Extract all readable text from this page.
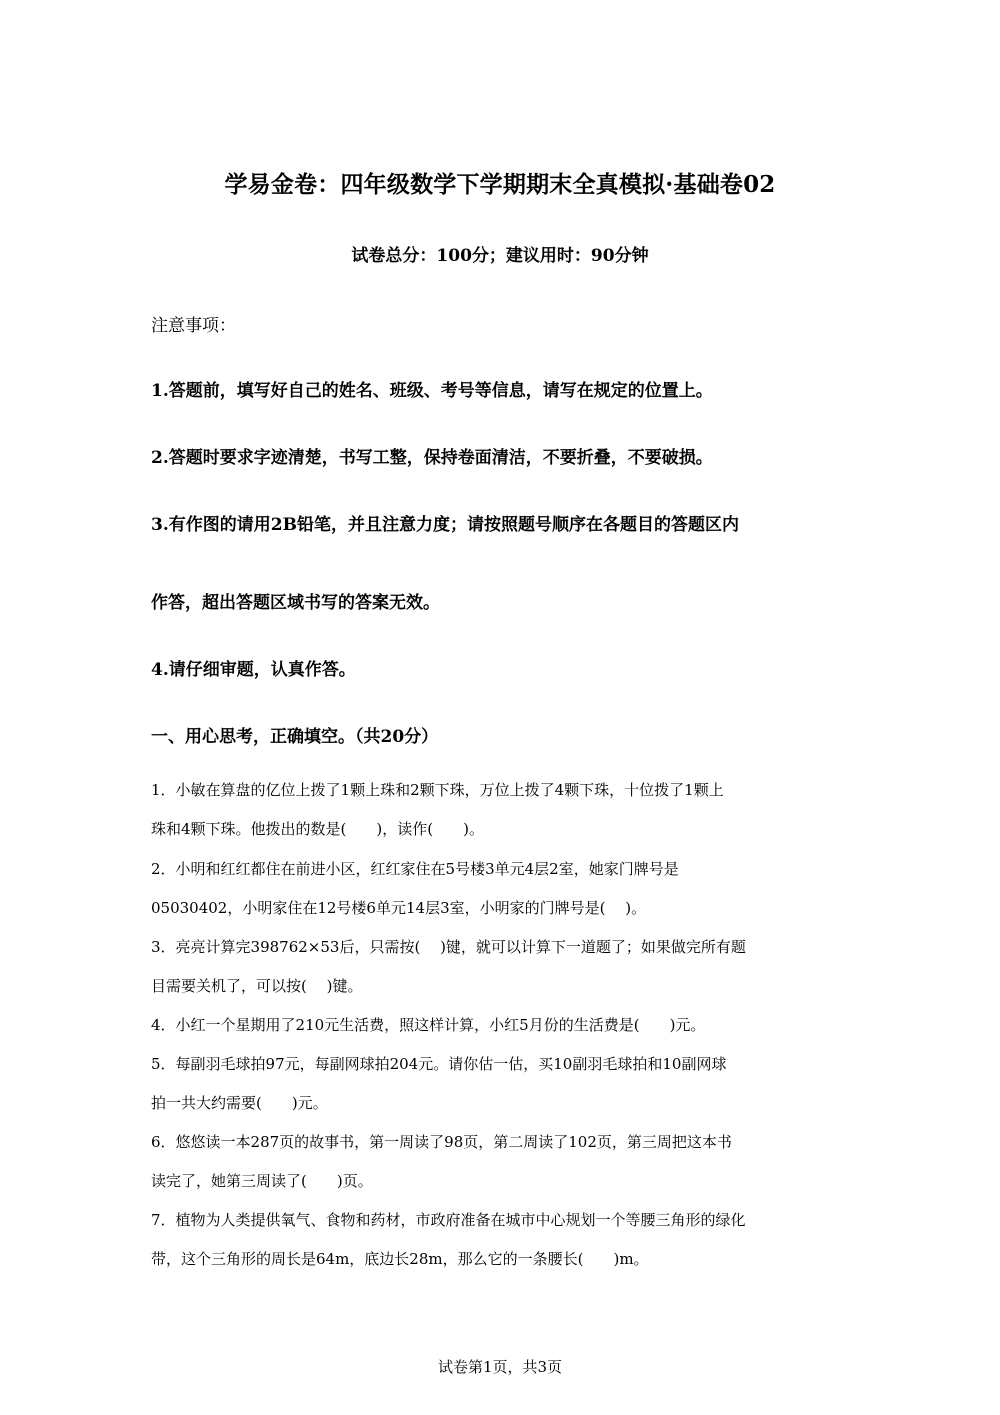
学易金卷：四年级数学下学期期末全真模拟·基础卷02
试卷总分：100分；建议用时：90分钟
注意事项：
1.答题前，填写好自己的姓名、班级、考号等信息，请写在规定的位置上。
2.答题时要求字迹清楚，书写工整，保持卷面清洁，不要折叠，不要破损。
3.有作图的请用2B铅笔，并且注意力度；请按照题号顺序在各题目的答题区内
作答，超出答题区域书写的答案无效。
4.请仔细审题，认真作答。
一、用心思考，正确填空。（共20分）
1．小敏在算盘的亿位上拨了1颗上珠和2颗下珠，万位上拨了4颗下珠，十位拨了1颗上
珠和4颗下珠。他拨出的数是(　　)，读作(　　)。
2．小明和红红都住在前进小区，红红家住在5号楼3单元4层2室，她家门牌号是
05030402，小明家住在12号楼6单元14层3室，小明家的门牌号是(　 )。
3．亮亮计算完398762×53后，只需按(　 )键，就可以计算下一道题了；如果做完所有题
目需要关机了，可以按(　 )键。
4．小红一个星期用了210元生活费，照这样计算，小红5月份的生活费是(　　)元。
5．每副羽毛球拍97元，每副网球拍204元。请你估一估，买10副羽毛球拍和10副网球
拍一共大约需要(　　)元。
6．悠悠读一本287页的故事书，第一周读了98页，第二周读了102页，第三周把这本书
读完了，她第三周读了(　　)页。
7．植物为人类提供氧气、食物和药材，市政府准备在城市中心规划一个等腰三角形的绿化
带，这个三角形的周长是64m，底边长28m，那么它的一条腰长(　　)m。
试卷第1页，共3页
